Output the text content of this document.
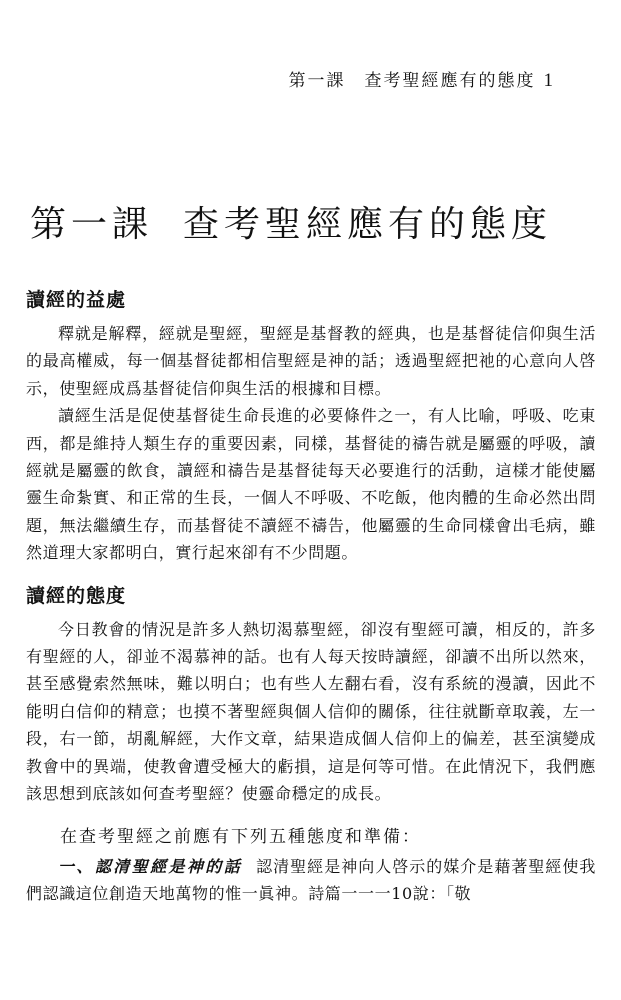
第一課　查考聖經應有的態度 1
第一課 查考聖經應有的態度
讀經的益處

釋就是解釋，經就是聖經，聖經是基督教的經典，也是基督徒信仰與生活的最高權威，每一個基督徒都相信聖經是神的話；透過聖經把祂的心意向人啓示，使聖經成爲基督徒信仰與生活的根據和目標。

讀經生活是促使基督徒生命長進的必要條件之一，有人比喻，呼吸、吃東西，都是維持人類生存的重要因素，同樣，基督徒的禱告就是屬靈的呼吸，讀經就是屬靈的飲食，讀經和禱告是基督徒每天必要進行的活動，這樣才能使屬靈生命紮實、和正常的生長，一個人不呼吸、不吃飯，他肉體的生命必然出問題，無法繼續生存，而基督徒不讀經不禱告，他屬靈的生命同樣會出毛病，雖然道理大家都明白，實行起來卻有不少問題。

讀經的態度

今日教會的情況是許多人熱切渴慕聖經，卻沒有聖經可讀，相反的，許多有聖經的人，卻並不渴慕神的話。也有人每天按時讀經，卻讀不出所以然來，甚至感覺索然無味，難以明白；也有些人左翻右看，沒有系統的漫讀，因此不能明白信仰的精意；也摸不著聖經與個人信仰的關係，往往就斷章取義，左一段，右一節，胡亂解經，大作文章，結果造成個人信仰上的偏差，甚至演變成教會中的異端，使教會遭受極大的虧損，這是何等可惜。在此情況下，我們應該思想到底該如何查考聖經？使靈命穩定的成長。

在查考聖經之前應有下列五種態度和準備：

一、認清聖經是神的話 認清聖經是神向人啓示的媒介是藉著聖經使我們認識這位創造天地萬物的惟一眞神。詩篇一一一10說：「敬
